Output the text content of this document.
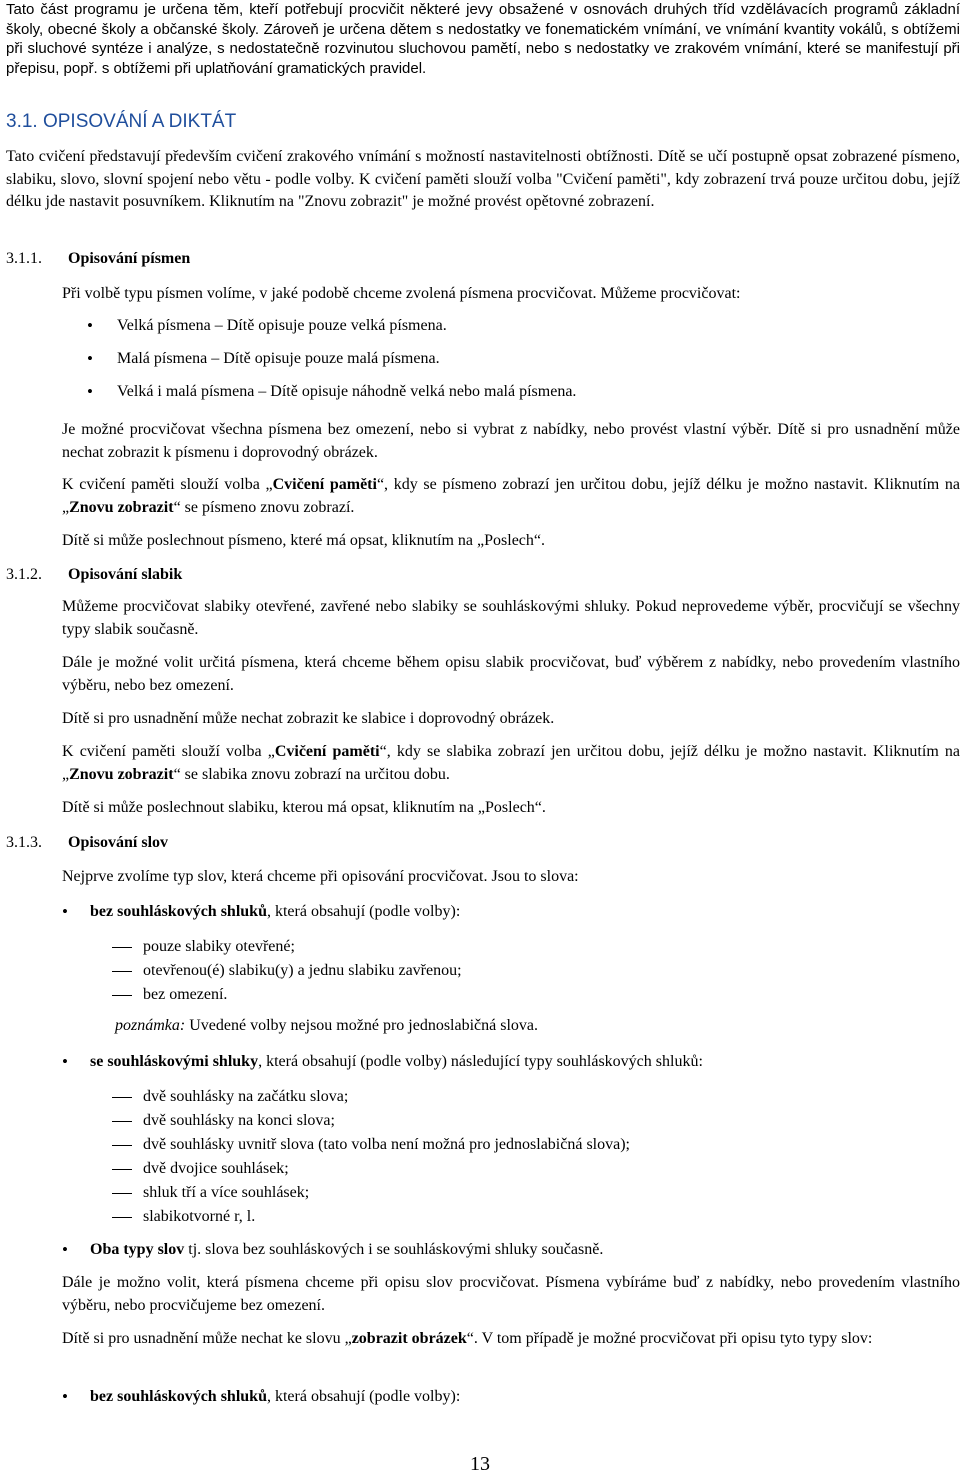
Tato část programu je určena těm, kteří potřebují procvičit některé jevy obsažené v osnovách druhých tříd vzdělávacích programů základní školy, obecné školy a občanské školy. Zároveň je určena dětem s nedostatky ve fonematickém vnímání, ve vnímání kvantity vokálů, s obtížemi při sluchové syntéze i analýze, s nedostatečně rozvinutou sluchovou pamětí, nebo s nedostatky ve zrakovém vnímání, které se manifestují při přepisu, popř. s obtížemi při uplatňování gramatických pravidel.

3.1. OPISOVÁNÍ A DIKTÁT

Tato cvičení představují především cvičení zrakového vnímání s možností nastavitelnosti obtížnosti. Dítě se učí postupně opsat zobrazené písmeno, slabiku, slovo, slovní spojení nebo větu - podle volby. K cvičení paměti slouží volba "Cvičení paměti", kdy zobrazení trvá pouze určitou dobu, jejíž délku jde nastavit posuvníkem. Kliknutím na "Znovu zobrazit" je možné provést opětovné zobrazení.

3.1.1. Opisování písmen

Při volbě typu písmen volíme, v jaké podobě chceme zvolená písmena procvičovat. Můžeme procvičovat:

• Velká písmena – Dítě opisuje pouze velká písmena.
• Malá písmena – Dítě opisuje pouze malá písmena.
• Velká i malá písmena – Dítě opisuje náhodně velká nebo malá písmena.

Je možné procvičovat všechna písmena bez omezení, nebo si vybrat z nabídky, nebo provést vlastní výběr. Dítě si pro usnadnění může nechat zobrazit k písmenu i doprovodný obrázek.

K cvičení paměti slouží volba „Cvičení paměti“, kdy se písmeno zobrazí jen určitou dobu, jejíž délku je možno nastavit. Kliknutím na „Znovu zobrazit“ se písmeno znovu zobrazí.

Dítě si může poslechnout písmeno, které má opsat, kliknutím na „Poslech“.

3.1.2. Opisování slabik

Můžeme procvičovat slabiky otevřené, zavřené nebo slabiky se souhláskovými shluky. Pokud neprovedeme výběr, procvičují se všechny typy slabik současně.

Dále je možné volit určitá písmena, která chceme během opisu slabik procvičovat, buď výběrem z nabídky, nebo provedením vlastního výběru, nebo bez omezení.

Dítě si pro usnadnění může nechat zobrazit ke slabice i doprovodný obrázek.

K cvičení paměti slouží volba „Cvičení paměti“, kdy se slabika zobrazí jen určitou dobu, jejíž délku je možno nastavit. Kliknutím na „Znovu zobrazit“ se slabika znovu zobrazí na určitou dobu.

Dítě si může poslechnout slabiku, kterou má opsat, kliknutím na „Poslech“.

3.1.3. Opisování slov

Nejprve zvolíme typ slov, která chceme při opisování procvičovat. Jsou to slova:

• bez souhláskových shluků, která obsahují (podle volby):
pouze slabiky otevřené;
otevřenou(é) slabiku(y) a jednu slabiku zavřenou;
bez omezení.

poznámka: Uvedené volby nejsou možné pro jednoslabičná slova.

• se souhláskovými shluky, která obsahují (podle volby) následující typy souhláskových shluků:
dvě souhlásky na začátku slova;
dvě souhlásky na konci slova;
dvě souhlásky uvnitř slova (tato volba není možná pro jednoslabičná slova);
dvě dvojice souhlásek;
shluk tří a více souhlásek;
slabikotvorné r, l.
• Oba typy slov tj. slova bez souhláskových i se souhláskovými shluky současně.

Dále je možno volit, která písmena chceme při opisu slov procvičovat. Písmena vybíráme buď z nabídky, nebo provedením vlastního výběru, nebo procvičujeme bez omezení.

Dítě si pro usnadnění může nechat ke slovu „zobrazit obrázek“. V tom případě je možné procvičovat při opisu tyto typy slov:

• bez souhláskových shluků, která obsahují (podle volby):
13
